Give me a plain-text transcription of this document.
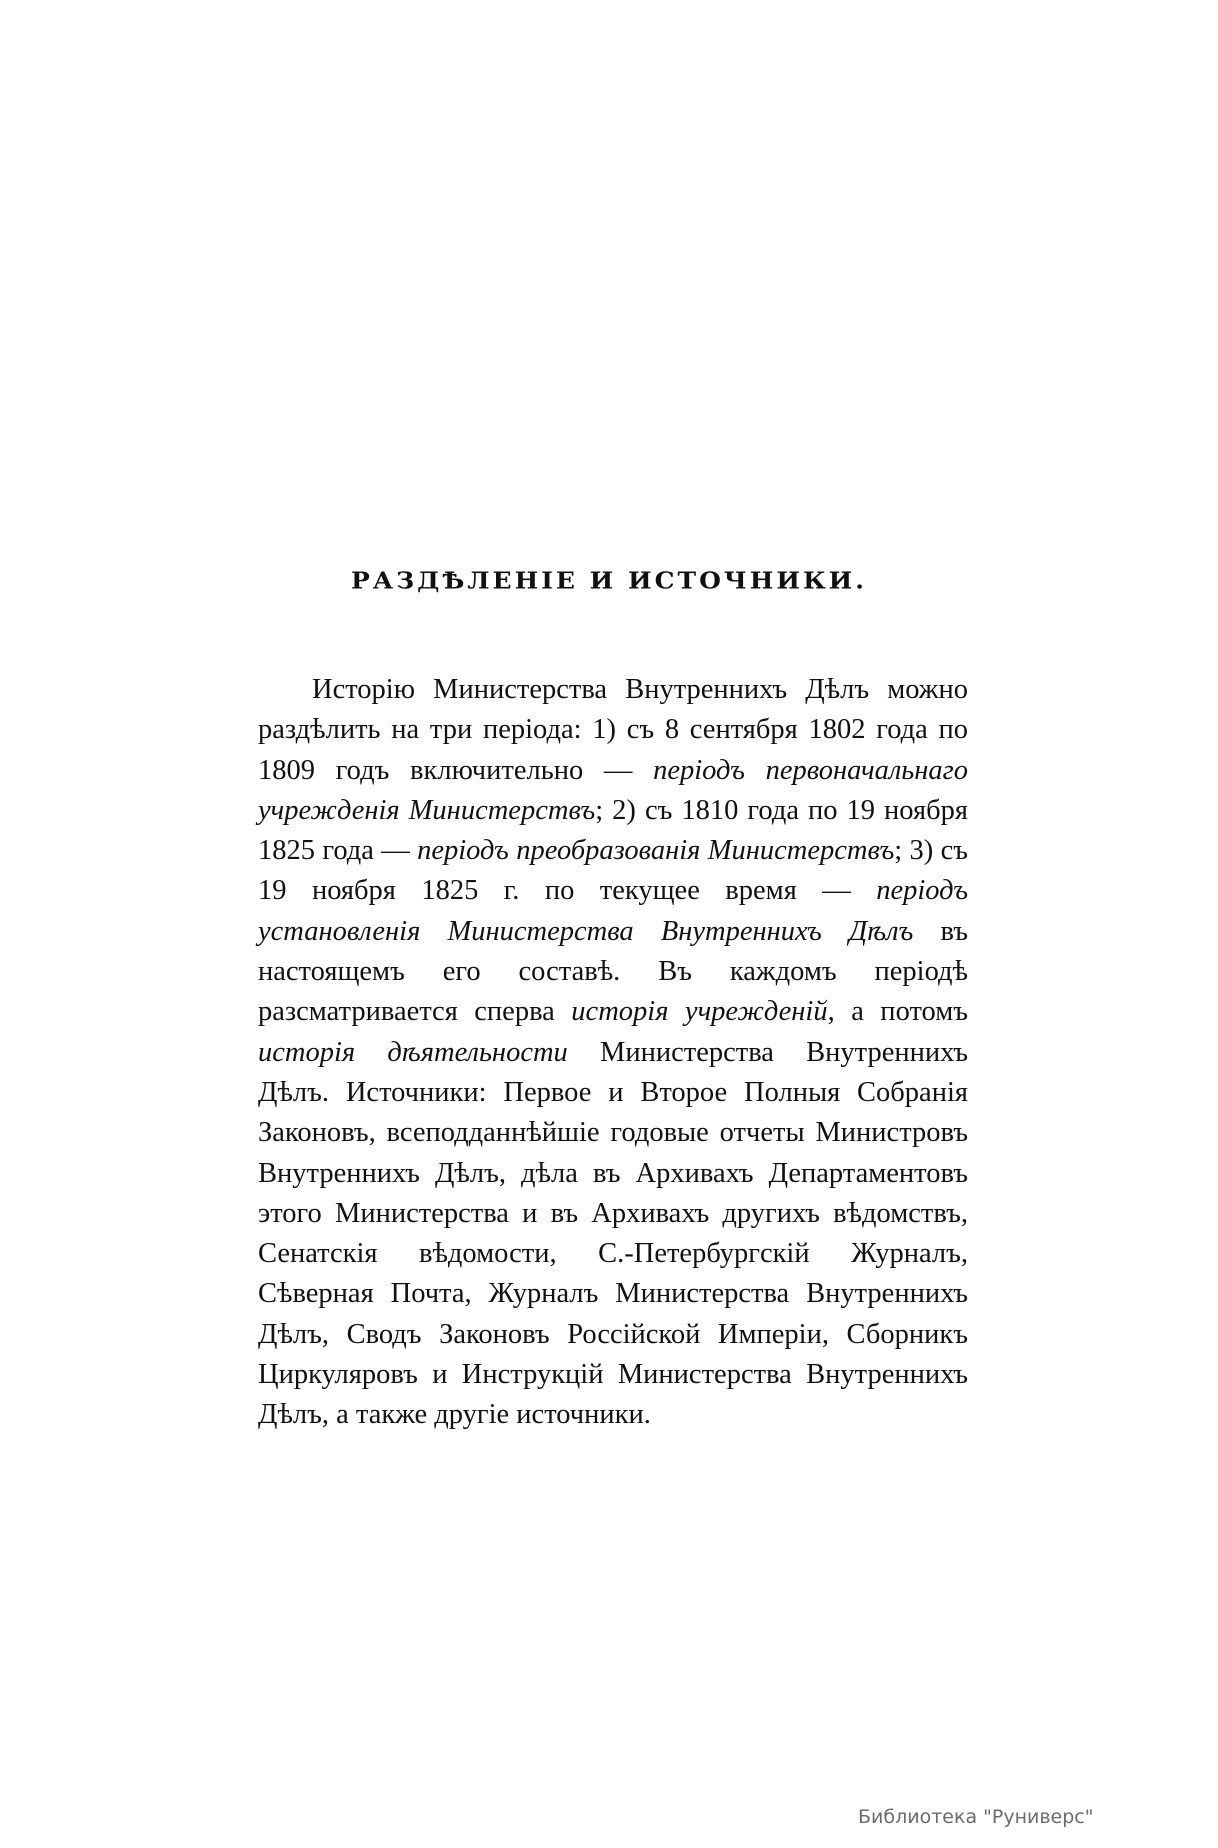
РАЗДѢЛЕНІЕ И ИСТОЧНИКИ.

Исторію Министерства Внутреннихъ Дѣлъ можно раздѣлить на три періода: 1) съ 8 сентября 1802 года по 1809 годъ включительно — періодъ первоначальнаго учрежденія Министерствъ; 2) съ 1810 года по 19 ноября 1825 года — періодъ преобразованія Министерствъ; 3) съ 19 ноября 1825 г. по текущее время — періодъ установленія Министерства Внутреннихъ Дѣлъ въ настоящемъ его составѣ. Въ каждомъ періодѣ разсматривается сперва исторія учрежденій, а потомъ исторія дѣятельности Министерства Внутреннихъ Дѣлъ. Источники: Первое и Второе Полныя Собранія Законовъ, всеподданнѣйшіе годовые отчеты Министровъ Внутреннихъ Дѣлъ, дѣла въ Архивахъ Департаментовъ этого Министерства и въ Архивахъ другихъ вѣдомствъ, Сенатскія вѣдомости, С.-Петербургскій Журналъ, Сѣверная Почта, Журналъ Министерства Внутреннихъ Дѣлъ, Сводъ Законовъ Россійской Имперіи, Сборникъ Циркуляровъ и Инструкцій Министерства Внутреннихъ Дѣлъ, а также другіе источники.

Библиотека "Руниверс"
